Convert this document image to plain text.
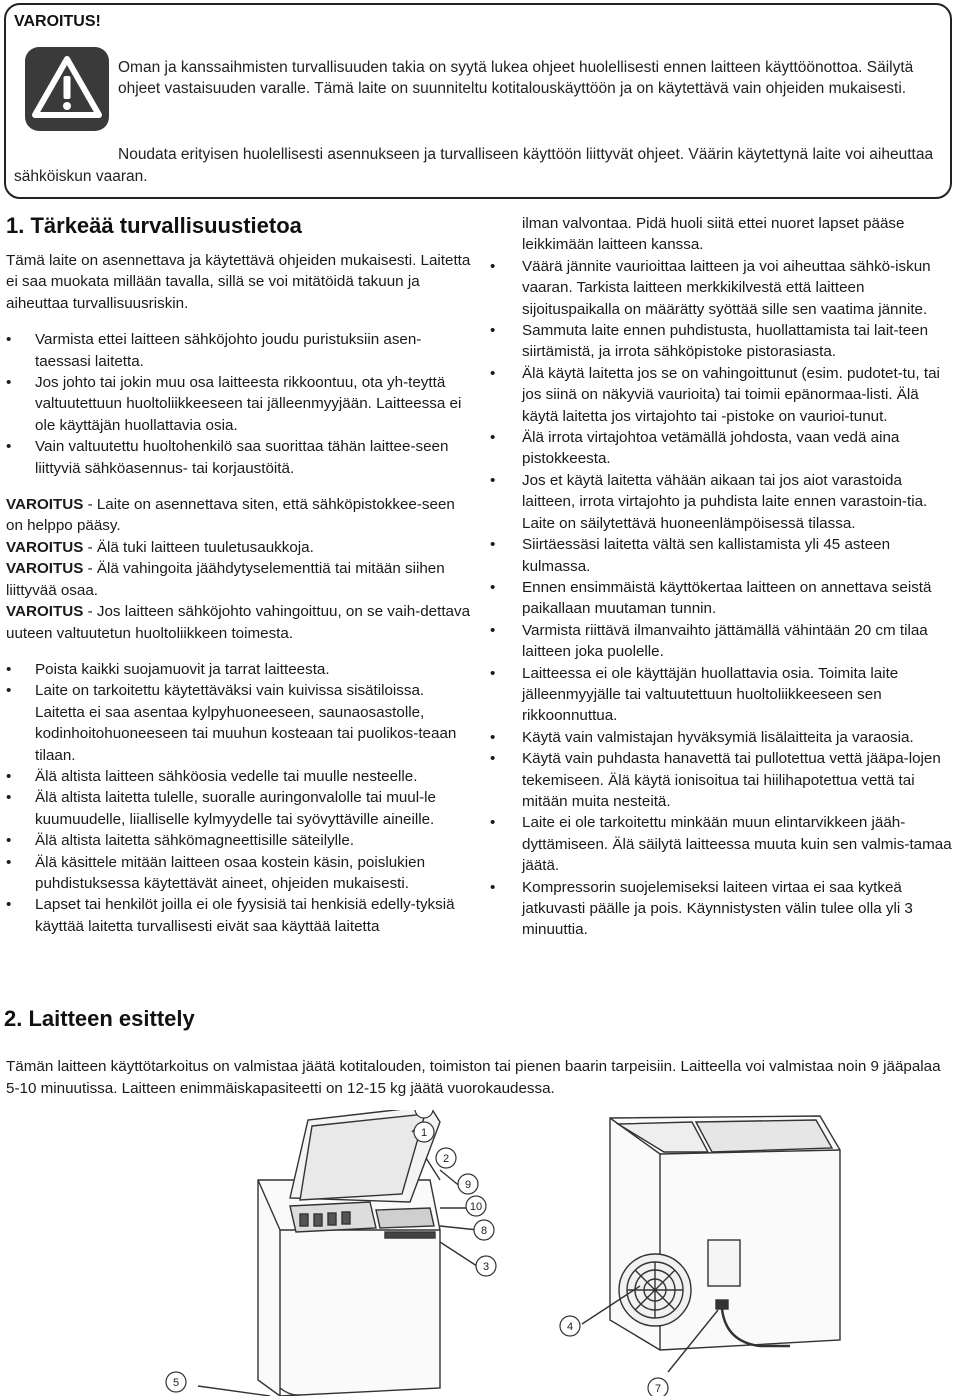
VAROITUS!

Oman ja kanssaihmisten turvallisuuden takia on syytä lukea ohjeet huolellisesti ennen laitteen käyttöönottoa. Säilytä ohjeet vastaisuuden varalle. Tämä laite on suunniteltu kotitalouskäyttöön ja on käytettävä vain ohjeiden mukaisesti.

Noudata erityisen huolellisesti asennukseen ja turvalliseen käyttöön liittyvät ohjeet. Väärin käytettynä laite voi aiheuttaa sähköiskun vaaran.

1. Tärkeää turvallisuustietoa

Tämä laite on asennettava ja käytettävä ohjeiden mukaisesti. Laitetta ei saa muokata millään tavalla, sillä se voi mitätöidä takuun ja aiheuttaa turvallisuusriskin.

• Varmista ettei laitteen sähköjohto joudu puristuksiin asen-taessasi laitetta.
• Jos johto tai jokin muu osa laitteesta rikkoontuu, ota yh-teyttä valtuutettuun huoltoliikkeeseen tai jälleenmyyjään. Laitteessa ei ole käyttäjän huollattavia osia.
• Vain valtuutettu huoltohenkilö saa suorittaa tähän laittee-seen liittyviä sähköasennus- tai korjaustöitä.

VAROITUS - Laite on asennettava siten, että sähköpistokkee-seen on helppo pääsy.

VAROITUS - Älä tuki laitteen tuuletusaukkoja.

VAROITUS - Älä vahingoita jäähdytyselementtiä tai mitään siihen liittyvää osaa.

VAROITUS - Jos laitteen sähköjohto vahingoittuu, on se vaih-dettava uuteen valtuutetun huoltoliikkeen toimesta.

• Poista kaikki suojamuovit ja tarrat laitteesta.
• Laite on tarkoitettu käytettäväksi vain kuivissa sisätiloissa. Laitetta ei saa asentaa kylpyhuoneeseen, saunaosastolle, kodinhoitohuoneeseen tai muuhun kosteaan tai puolikos-teaan tilaan.
• Älä altista laitteen sähköosia vedelle tai muulle nesteelle.
• Älä altista laitetta tulelle, suoralle auringonvalolle tai muul-le kuumuudelle, liialliselle kylmyydelle tai syövyttäville aineille.
• Älä altista laitetta sähkömagneettisille säteilylle.
• Älä käsittele mitään laitteen osaa kostein käsin, poislukien puhdistuksessa käytettävät aineet, ohjeiden mukaisesti.
• Lapset tai henkilöt joilla ei ole fyysisiä tai henkisiä edelly-tyksiä käyttää laitetta turvallisesti eivät saa käyttää laitetta

ilman valvontaa. Pidä huoli siitä ettei nuoret lapset pääse leikkimään laitteen kanssa.

• Väärä jännite vaurioittaa laitteen ja voi aiheuttaa sähkö-iskun vaaran. Tarkista laitteen merkkikilvestä että laitteen sijoituspaikalla on määrätty syöttää sille sen vaatima jännite.
• Sammuta laite ennen puhdistusta, huollattamista tai lait-teen siirtämistä, ja irrota sähköpistoke pistorasiasta.
• Älä käytä laitetta jos se on vahingoittunut (esim. pudotet-tu, tai jos siinä on näkyviä vaurioita) tai toimii epänormaa-listi. Älä käytä laitetta jos virtajohto tai -pistoke on vaurioi-tunut.
• Älä irrota virtajohtoa vetämällä johdosta, vaan vedä aina pistokkeesta.
• Jos et käytä laitetta vähään aikaan tai jos aiot varastoida laitteen, irrota virtajohto ja puhdista laite ennen varastoin-tia. Laite on säilytettävä huoneenlämpöisessä tilassa.
• Siirtäessäsi laitetta vältä sen kallistamista yli 45 asteen kulmassa.
• Ennen ensimmäistä käyttökertaa laitteen on annettava seistä paikallaan muutaman tunnin.
• Varmista riittävä ilmanvaihto jättämällä vähintään 20 cm tilaa laitteen joka puolelle.
• Laitteessa ei ole käyttäjän huollattavia osia. Toimita laite jälleenmyyjälle tai valtuutettuun huoltoliikkeeseen sen rikkoonnuttua.
• Käytä vain valmistajan hyväksymiä lisälaitteita ja varaosia.
• Käytä vain puhdasta hanavettä tai pullotettua vettä jääpa-lojen tekemiseen. Älä käytä ionisoitua tai hiilihapotettua vettä tai mitään muita nesteitä.
• Laite ei ole tarkoitettu minkään muun elintarvikkeen jääh-dyttämiseen. Älä säilytä laitteessa muuta kuin sen valmis-tamaa jäätä.
• Kompressorin suojelemiseksi laiteen virtaa ei saa kytkeä jatkuvasti päälle ja pois. Käynnistysten välin tulee olla yli 3 minuuttia.
2. Laitteen esittely

Tämän laitteen käyttötarkoitus on valmistaa jäätä kotitalouden, toimiston tai pienen baarin tarpeisiin. Laitteella voi valmistaa noin 9 jääpalaa 5-10 minuutissa. Laitteen enimmäiskapasiteetti on 12-15 kg jäätä vuorokaudessa.

1
2
9
10
8
3
5
4
7
